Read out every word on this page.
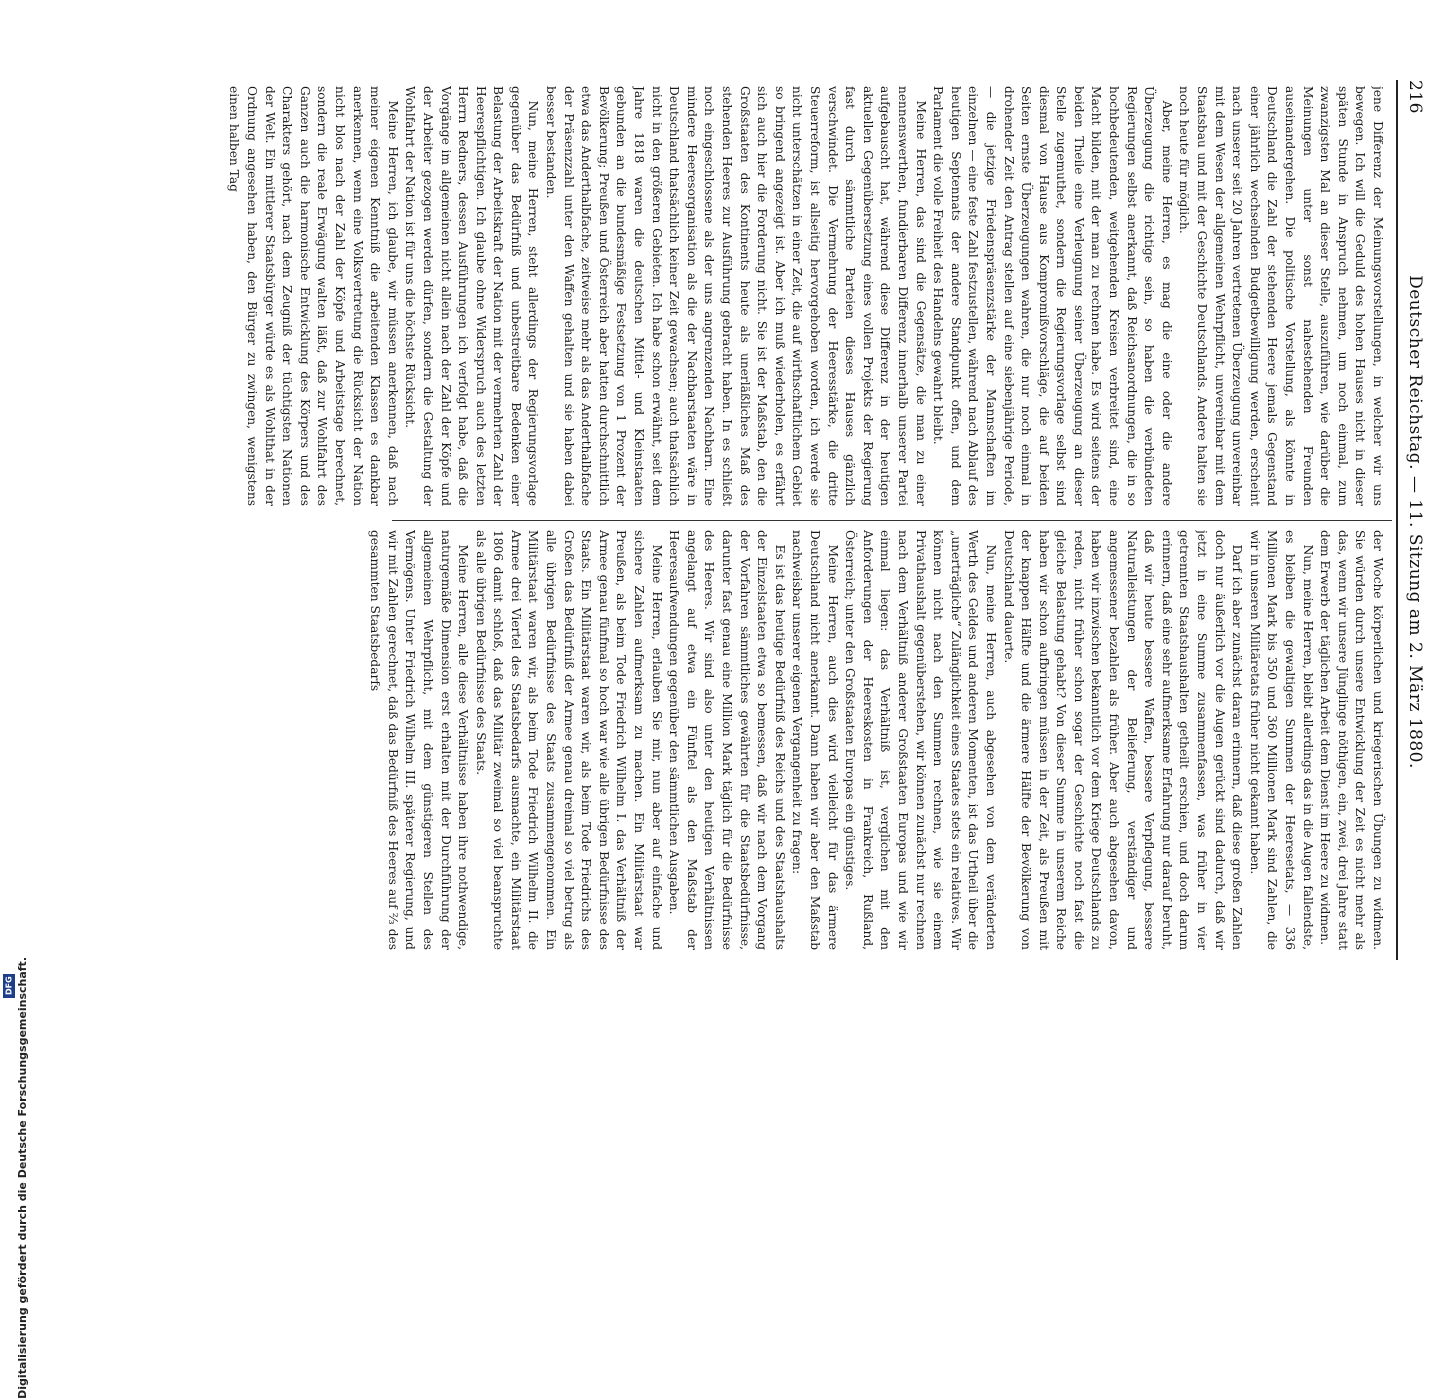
216
Deutscher Reichstag. — 11. Sitzung am 2. März 1880.

jene Differenz der Meinungsvorstellungen, in welcher wir uns bewegen. Ich will die Geduld des hohen Hauses nicht in dieser späten Stunde in Anspruch nehmen, um noch einmal, zum zwanzigsten Mal an dieser Stelle, auszuführen, wie darüber die Meinungen unter sonst nahestehenden Freunden auseinandergehen. Die politische Vorstellung, als könnte in Deutschland die Zahl der stehenden Heere jemals Gegenstand einer jährlich wechselnden Budgetbewilligung werden, erscheint nach unserer seit 20 Jahren vertretenen Überzeugung unvereinbar mit dem Wesen der allgemeinen Wehrpflicht, unvereinbar mit dem Staatsbau und mit der Geschichte Deutschlands. Andere halten sie noch heute für möglich.

Aber, meine Herren, es mag die eine oder die andere Überzeugung die richtige sein, so haben die verbündeten Regierungen selbst anerkannt, daß Reichsanordnungen, die in so hochbedeutenden, weitgehenden Kreisen verbreitet sind, eine Macht bilden, mit der man zu rechnen habe. Es wird seitens der beiden Theile eine Verleugnung seiner Überzeugung an dieser Stelle zugemuthet, sondern die Regierungsvorlage selbst sind diesmal von Hause aus Kompromißvorschläge, die auf beiden Seiten ernste Überzeugungen wahren, die nur noch einmal in drohender Zeit den Antrag stellen auf eine siebenjährige Periode, — die jetzige Friedenspräsenzstärke der Mannschaften im einzelnen — eine feste Zahl festzustellen, während nach Ablauf des heutigen Septennats der andere Standpunkt offen, und dem Parlament die volle Freiheit des Handelns gewahrt bleibt.

Meine Herren, das sind die Gegensätze, die man zu einer nennenswerthen, fundierbaren Differenz innerhalb unserer Partei aufgebauscht hat, während diese Differenz in der heutigen aktuellen Gegenübersetzung eines vollen Projekts der Regierung fast durch sämmtliche Parteien dieses Hauses gänzlich verschwindet. Die Vermehrung der Heeresstärke, die dritte Steuerreform, ist allseitig hervorgehoben worden, ich werde sie nicht unterschätzen in einer Zeit, die auf wirthschaftlichem Gebiet so bringend angezeigt ist. Aber ich muß wiederholen, es erfährt sich auch hier die Forderung nicht. Sie ist der Maßstab, den die Großstaaten des Kontinents heute als unerläßliches Maß des stehenden Heeres zur Ausführung gebracht haben. In es schließt noch eingeschlossene als der uns angrenzenden Nachbarn. Eine mindere Heeresorganisation als die der Nachbarstaaten wäre in Deutschland thatsächlich keiner Zeit gewachsen; auch thatsächlich nicht in den größeren Gebieten. Ich habe schon erwähnt, seit dem Jahre 1818 waren die deutschen Mittel- und Kleinstaaten gebunden an die bundesmäßige Festsetzung von 1 Prozent der Bevölkerung; Preußen und Österreich aber hatten durchschnittlich etwa das Anderthalbfache, zeitweise mehr als das Anderthalbfache der Präsenzzahl unter den Waffen gehalten und sie haben dabei besser bestanden.

Nun, meine Herren, steht allerdings der Regierungsvorlage gegenüber das Bedürfniß und unbestreitbare Bedenken einer Belastung der Arbeitskraft der Nation mit der vermehrten Zahl der Heerespflichtigen. Ich glaube ohne Widerspruch auch des letzten Herrn Redners, dessen Ausführungen ich verfolgt habe, daß die Vorgänge im allgemeinen nicht allein nach der Zahl der Köpfe und der Arbeiter gezogen werden dürfen, sondern die Gestaltung der Wohlfahrt der Nation ist für uns die höchste Rücksicht.

Meine Herren, ich glaube, wir müssen anerkennen, daß nach meiner eigenen Kenntniß die arbeitenden Klassen es dankbar anerkennen, wenn eine Volksvertretung die Rücksicht der Nation nicht blos nach der Zahl der Köpfe und Arbeitstage berechnet, sondern die reale Erwägung walten läßt, daß zur Wohlfahrt des Ganzen auch die harmonische Entwicklung des Körpers und des Charakters gehört, nach dem Zeugniß der tüchtigsten Nationen der Welt. Ein mittlerer Staatsbürger würde es als Wohlthat in der Ordnung angesehen haben, den Bürger zu zwingen, wenigstens einen halben Tag

der Woche körperlichen und kriegerischen Übungen zu widmen. Sie würden durch unsere Entwicklung der Zeit es nicht mehr als das, wenn wir unsere Jünglinge nöthigen, ein, zwei, drei Jahre statt dem Erwerb der täglichen Arbeit dem Dienst im Heere zu widmen.

Nun, meine Herren, bleibt allerdings das in die Augen fallendste, es bleiben die gewaltigen Summen der Heeresetats, — 336 Millionen Mark bis 350 und 360 Millionen Mark sind Zahlen, die wir in unseren Militäretats früher nicht gekannt haben.

Darf ich aber zunächst daran erinnern, daß diese großen Zahlen doch nur äußerlich vor die Augen gerückt sind dadurch, daß wir jetzt in eine Summe zusammenfassen, was früher in vier getrennten Staatshaushalten getheilt erschien, und doch darum erinnern, daß eine sehr aufmerksame Erfahrung nur darauf beruht, daß wir heute bessere Waffen, bessere Verpflegung, bessere Naturalleistungen der Belieferung, verständiger und angemessener bezahlen als früher. Aber auch abgesehen davon, haben wir inzwischen bekanntlich vor dem Kriege Deutschlands zu reden, nicht früher schon sogar der Geschichte noch fast die gleiche Belastung gehabt? Von dieser Summe in unserem Reiche haben wir schon aufbringen müssen in der Zeit, als Preußen mit der knappen Hälfte und die ärmere Hälfte der Bevölkerung von Deutschland dauerte.

Nun, meine Herren, auch abgesehen von dem veränderten Werth des Geldes und anderen Momenten, ist das Urtheil über die „unerträgliche“ Zulänglichkeit eines Staates stets ein relatives. Wir können nicht nach den Summen rechnen, wie sie einem Privathaushalt gegenüberstehen, wir können zunächst nur rechnen nach dem Verhältniß anderer Großstaaten Europas und wie wir einmal liegen: das Verhältniß ist, verglichen mit den Anforderungen der Heereskosten in Frankreich, Rußland, Österreich; unter den Großstaaten Europas ein günstiges.

Meine Herren, auch dies wird vielleicht für das ärmere Deutschland nicht anerkannt. Dann haben wir aber den Maßstab nachweisbar unserer eigenen Vergangenheit zu fragen:

Es ist das heutige Bedürfniß des Reichs und des Staatshaushalts der Einzelstaaten etwa so bemessen, daß wir nach dem Vorgang der Vorfahren sämmtliches gewährten für die Staatsbedürfnisse, darunter fast genau eine Million Mark täglich für die Bedürfnisse des Heeres. Wir sind also unter den heutigen Verhältnissen angelangt auf etwa ein Fünftel als den Maßstab der Heeresaufwendungen gegenüber den sämmtlichen Ausgaben.

Meine Herren, erlauben Sie mir, nun aber auf einfache und sichere Zahlen aufmerksam zu machen. Ein Militärstaat war Preußen, als beim Tode Friedrich Wilhelm I. das Verhältniß der Armee genau fünfmal so hoch war wie alle übrigen Bedürfnisse des Staats. Ein Militärstaat waren wir, als beim Tode Friedrichs des Großen das Bedürfniß der Armee genau dreimal so viel betrug als alle übrigen Bedürfnisse des Staats zusammengenommen. Ein Militärstaat waren wir, als beim Tode Friedrich Wilhelm II. die Armee drei Viertel des Staatsbedarfs ausmachte, ein Militärstaat 1806 damit schloß, daß das Militär zweimal so viel beanspruchte als alle übrigen Bedürfnisse des Staats.

Meine Herren, alle diese Verhältnisse haben ihre nothwendige, naturgemäße Dimension erst erhalten mit der Durchführung der allgemeinen Wehrpflicht, mit dem günstigeren Stellen des Vermögens. Unter Friedrich Wilhelm III. späterer Regierung, und wir mit Zahlen gerechnet, daß das Bedürfniß des Heeres auf ⅔ des gesammten Staatsbedarfs

Digitalisierung gefördert durch die Deutsche Forschungsgemeinschaft.
DFG
